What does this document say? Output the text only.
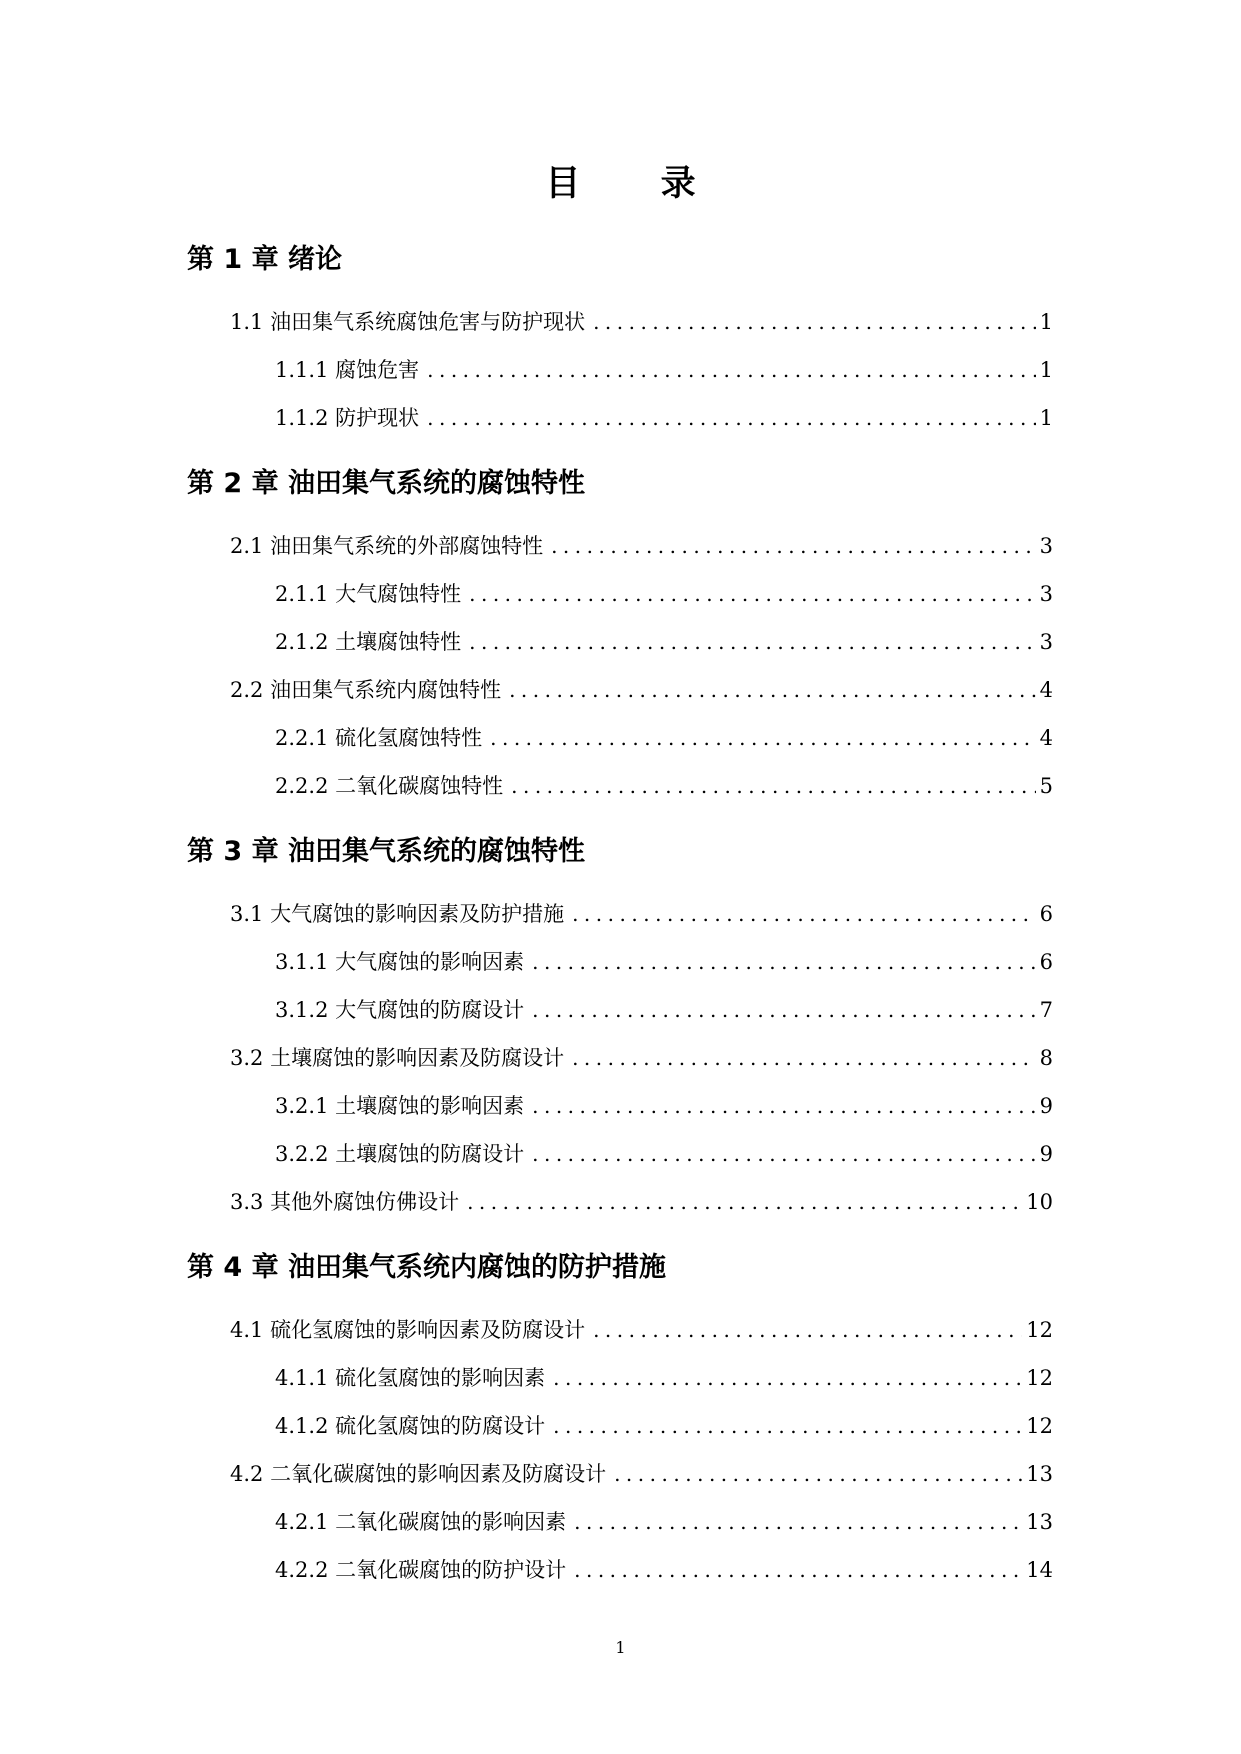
目 录
第 1 章 绪论
1.1 油田集气系统腐蚀危害与防护现状 .....	1
1.1.1 腐蚀危害 .....	1
1.1.2 防护现状 .....	1
第 2 章 油田集气系统的腐蚀特性
2.1 油田集气系统的外部腐蚀特性 .....	3
2.1.1 大气腐蚀特性 .....	3
2.1.2 土壤腐蚀特性 .....	3
2.2 油田集气系统内腐蚀特性 .....	4
2.2.1 硫化氢腐蚀特性 .....	4
2.2.2 二氧化碳腐蚀特性 .....	5
第 3 章 油田集气系统的腐蚀特性
3.1 大气腐蚀的影响因素及防护措施 .....	6
3.1.1 大气腐蚀的影响因素 .....	6
3.1.2 大气腐蚀的防腐设计 .....	7
3.2 土壤腐蚀的影响因素及防腐设计 .....	8
3.2.1 土壤腐蚀的影响因素 .....	9
3.2.2 土壤腐蚀的防腐设计 .....	9
3.3 其他外腐蚀仿佛设计 .....	10
第 4 章 油田集气系统内腐蚀的防护措施
4.1 硫化氢腐蚀的影响因素及防腐设计 .....	12
4.1.1 硫化氢腐蚀的影响因素 .....	12
4.1.2 硫化氢腐蚀的防腐设计 .....	12
4.2 二氧化碳腐蚀的影响因素及防腐设计 .....	13
4.2.1 二氧化碳腐蚀的影响因素 .....	13
4.2.2 二氧化碳腐蚀的防护设计 .....	14
1
